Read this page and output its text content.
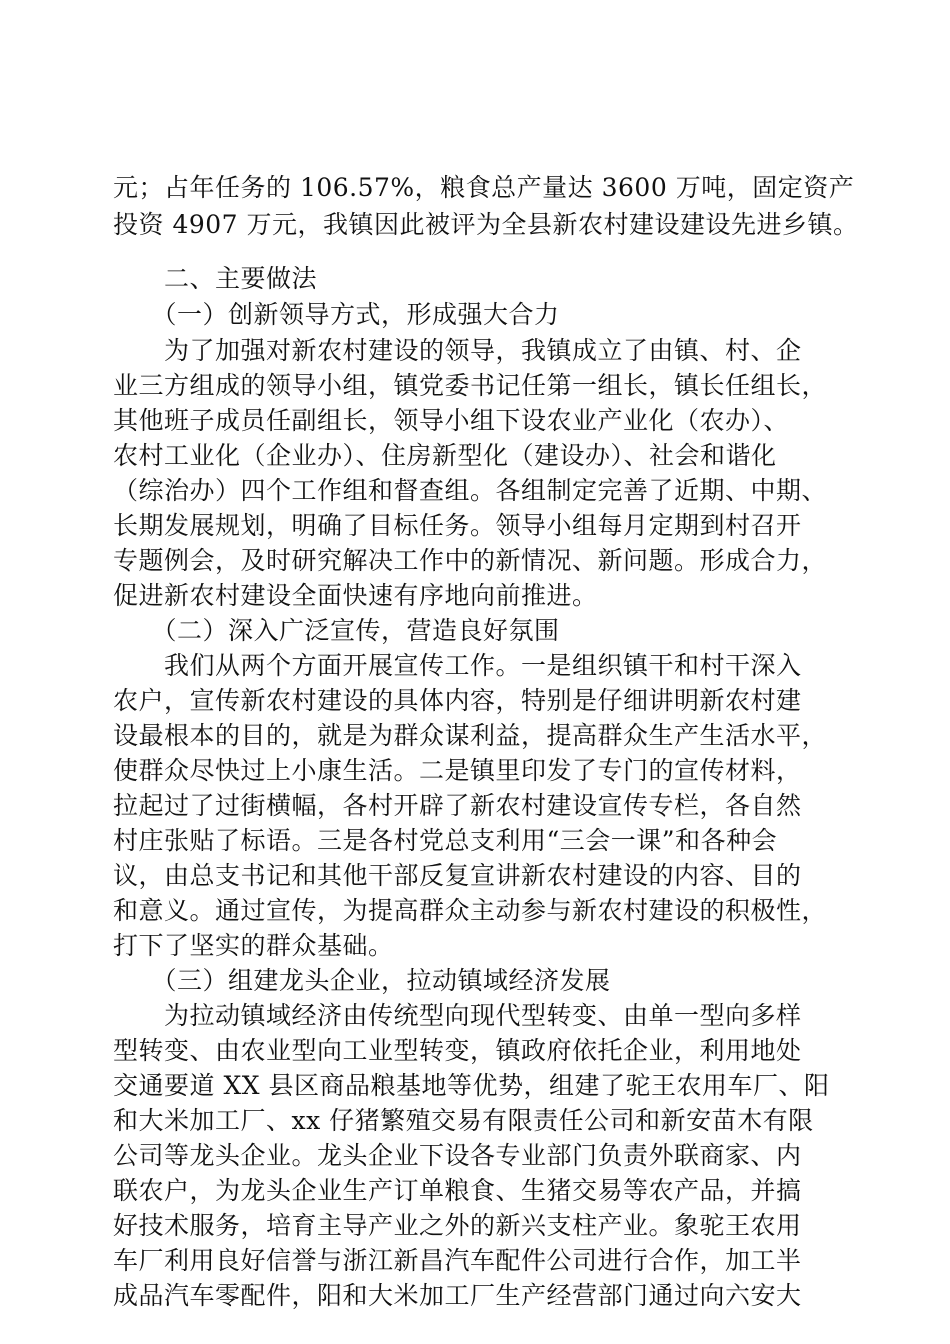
元；占年任务的 106.57%，粮食总产量达 3600 万吨，固定资产
投资 4907 万元，我镇因此被评为全县新农村建设建设先进乡镇。
　　二、主要做法
　　（一）创新领导方式，形成强大合力
　　为了加强对新农村建设的领导，我镇成立了由镇、村、企
业三方组成的领导小组，镇党委书记任第一组长，镇长任组长，
其他班子成员任副组长，领导小组下设农业产业化（农办）、
农村工业化（企业办）、住房新型化（建设办）、社会和谐化
（综治办）四个工作组和督查组。各组制定完善了近期、中期、
长期发展规划，明确了目标任务。领导小组每月定期到村召开
专题例会，及时研究解决工作中的新情况、新问题。形成合力，
促进新农村建设全面快速有序地向前推进。
　　（二）深入广泛宣传，营造良好氛围
　　我们从两个方面开展宣传工作。一是组织镇干和村干深入
农户，宣传新农村建设的具体内容，特别是仔细讲明新农村建
设最根本的目的，就是为群众谋利益，提高群众生产生活水平，
使群众尽快过上小康生活。二是镇里印发了专门的宣传材料，
拉起过了过街横幅，各村开辟了新农村建设宣传专栏，各自然
村庄张贴了标语。三是各村党总支利用“三会一课”和各种会
议，由总支书记和其他干部反复宣讲新农村建设的内容、目的
和意义。通过宣传，为提高群众主动参与新农村建设的积极性，
打下了坚实的群众基础。
　　（三）组建龙头企业，拉动镇域经济发展
　　为拉动镇域经济由传统型向现代型转变、由单一型向多样
型转变、由农业型向工业型转变，镇政府依托企业，利用地处
交通要道 XX 县区商品粮基地等优势，组建了驼王农用车厂、阳
和大米加工厂、xx 仔猪繁殖交易有限责任公司和新安苗木有限
公司等龙头企业。龙头企业下设各专业部门负责外联商家、内
联农户，为龙头企业生产订单粮食、生猪交易等农产品，并搞
好技术服务，培育主导产业之外的新兴支柱产业。象驼王农用
车厂利用良好信誉与浙江新昌汽车配件公司进行合作，加工半
成品汽车零配件，阳和大米加工厂生产经营部门通过向六安大
